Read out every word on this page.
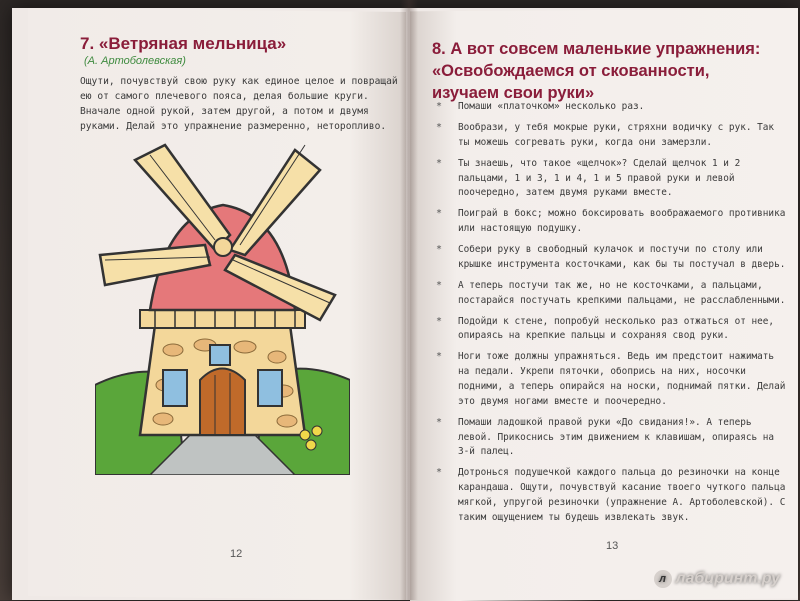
7. «Ветряная мельница»
(А. Артоболевская)
Ощути, почувствуй свою руку как единое целое и повращай ею от самого плечевого пояса, делая большие круги. Вначале одной рукой, затем другой, а потом и двумя руками. Делай это упражнение размеренно, неторопливо.
12
8. А вот совсем маленькие упражнения:
«Освобождаемся от скованности,
изучаем свои руки»
* Помаши «платочком» несколько раз.
* Вообрази, у тебя мокрые руки, стряхни водичку с рук. Так ты можешь согревать руки, когда они замерзли.
* Ты знаешь, что такое «щелчок»? Сделай щелчок 1 и 2 пальцами, 1 и 3, 1 и 4, 1 и 5 правой руки и левой поочередно, затем двумя руками вместе.
* Поиграй в бокс; можно боксировать воображаемого противника или настоящую подушку.
* Собери руку в свободный кулачок и постучи по столу или крышке инструмента косточками, как бы ты постучал в дверь.
* А теперь постучи так же, но не косточками, а пальцами, постарайся постучать крепкими пальцами, не расслабленными.
* Подойди к стене, попробуй несколько раз отжаться от нее, опираясь на крепкие пальцы и сохраняя свод руки.
* Ноги тоже должны упражняться. Ведь им предстоит нажимать на педали. Укрепи пяточки, обопрись на них, носочки подними, а теперь опирайся на носки, поднимай пятки. Делай это двумя ногами вместе и поочередно.
* Помаши ладошкой правой руки «До свидания!». А теперь левой. Прикоснись этим движением к клавишам, опираясь на 3-й палец.
* Дотронься подушечкой каждого пальца до резиночки на конце карандаша. Ощути, почувствуй касание твоего чуткого пальца мягкой, упругой резиночки (упражнение А. Артоболевской). С таким ощущением ты будешь извлекать звук.
13
л лабиринт.ру
